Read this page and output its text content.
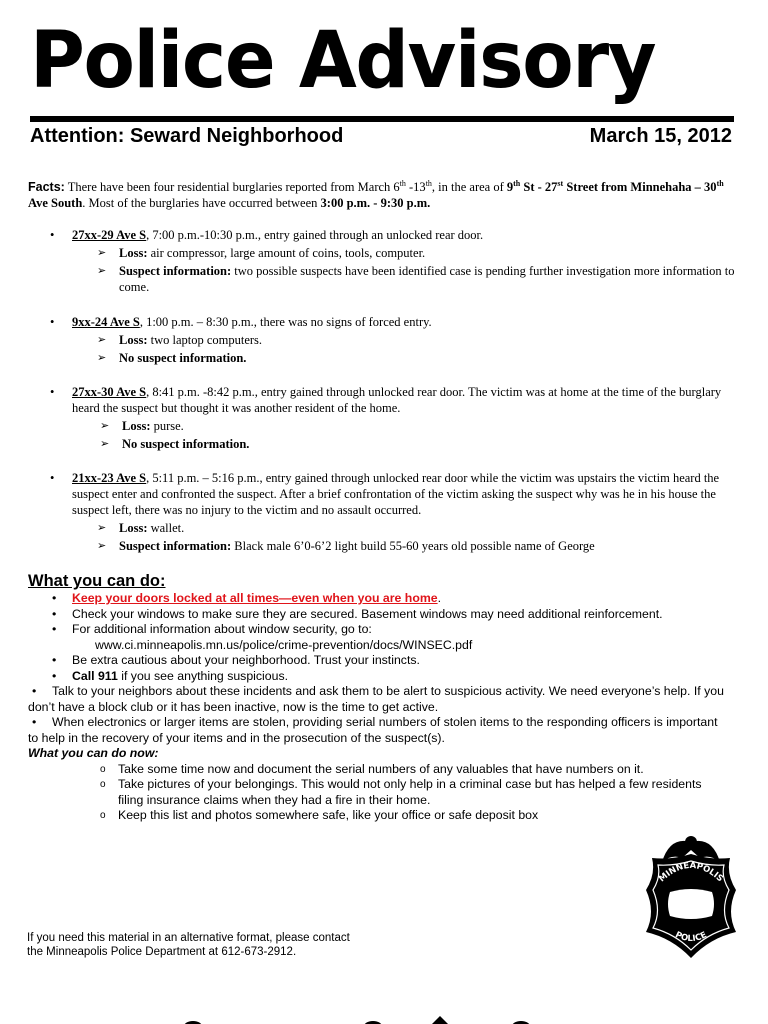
Police Advisory
Attention: Seward Neighborhood	March 15, 2012
Facts: There have been four residential burglaries reported from March 6th -13th, in the area of 9th St - 27st Street from Minnehaha – 30th Ave South. Most of the burglaries have occurred between 3:00 p.m. - 9:30 p.m.
• 27xx-29 Ave S, 7:00 p.m.-10:30 p.m., entry gained through an unlocked rear door.
➢ Loss: air compressor, large amount of coins, tools, computer.
➢ Suspect information: two possible suspects have been identified case is pending further investigation more information to come.
• 9xx-24 Ave S, 1:00 p.m. – 8:30 p.m., there was no signs of forced entry.
➢ Loss: two laptop computers.
➢ No suspect information.
• 27xx-30 Ave S, 8:41 p.m. -8:42 p.m., entry gained through unlocked rear door. The victim was at home at the time of the burglary heard the suspect but thought it was another resident of the home.
➢ Loss: purse.
➢ No suspect information.
• 21xx-23 Ave S, 5:11 p.m. – 5:16 p.m., entry gained through unlocked rear door while the victim was upstairs the victim heard the suspect enter and confronted the suspect. After a brief confrontation of the victim asking the suspect why was he in his house the suspect left, there was no injury to the victim and no assault occurred.
➢ Loss: wallet.
➢ Suspect information: Black male 6’0-6’2 light build 55-60 years old possible name of George
What you can do:
• Keep your doors locked at all times—even when you are home.
• Check your windows to make sure they are secured. Basement windows may need additional reinforcement.
• For additional information about window security, go to:
www.ci.minneapolis.mn.us/police/crime-prevention/docs/WINSEC.pdf
• Be extra cautious about your neighborhood. Trust your instincts.
• Call 911 if you see anything suspicious.
• Talk to your neighbors about these incidents and ask them to be alert to suspicious activity. We need everyone’s help. If you don’t have a block club or it has been inactive, now is the time to get active.
• When electronics or larger items are stolen, providing serial numbers of stolen items to the responding officers is important to help in the recovery of your items and in the prosecution of the suspect(s).
What you can do now:
o Take some time now and document the serial numbers of any valuables that have numbers on it.
o Take pictures of your belongings. This would not only help in a criminal case but has helped a few residents filing insurance claims when they had a fire in their home.
o Keep this list and photos somewhere safe, like your office or safe deposit box
If you need this material in an alternative format, please contact
the Minneapolis Police Department at 612-673-2912.
MINNEAPOLIS
POLICE
